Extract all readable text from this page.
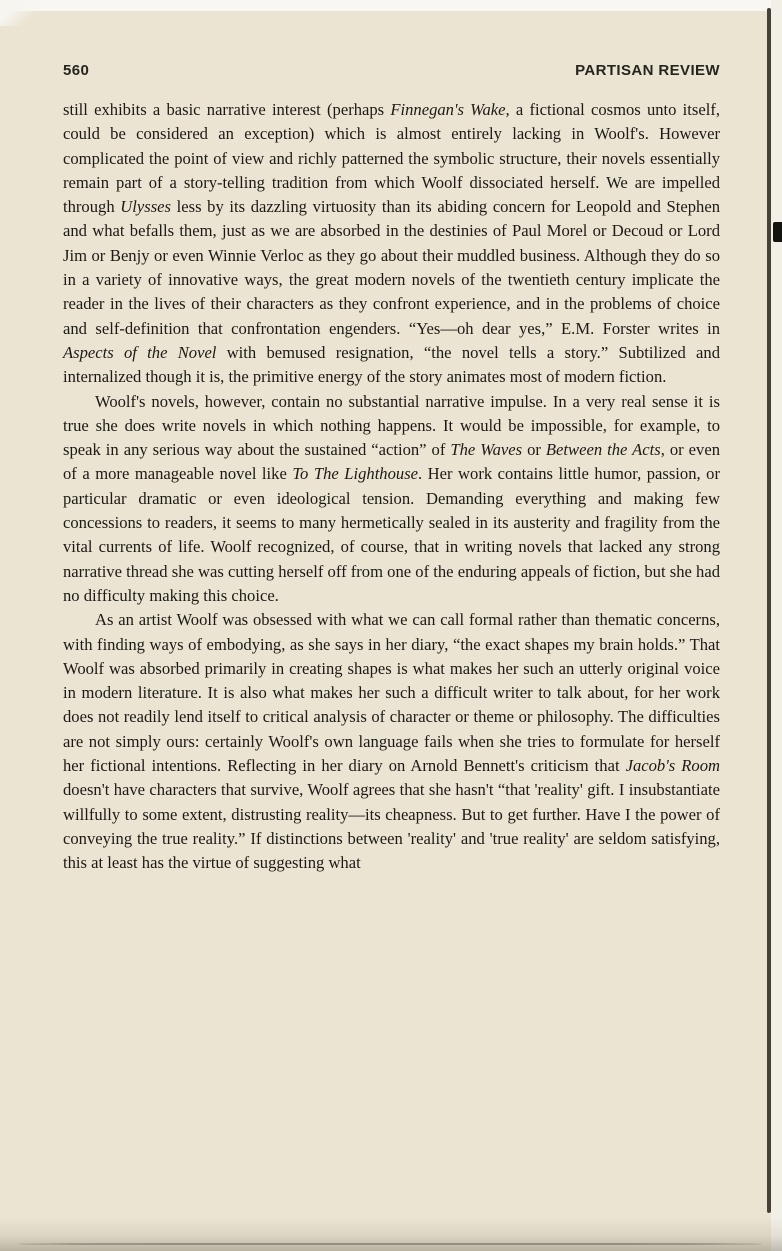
560	PARTISAN REVIEW

still exhibits a basic narrative interest (perhaps Finnegan's Wake, a fictional cosmos unto itself, could be considered an exception) which is almost entirely lacking in Woolf's. However complicated the point of view and richly patterned the symbolic structure, their novels essentially remain part of a story-telling tradition from which Woolf dissociated herself. We are impelled through Ulysses less by its dazzling virtuosity than its abiding concern for Leopold and Stephen and what befalls them, just as we are absorbed in the destinies of Paul Morel or Decoud or Lord Jim or Benjy or even Winnie Verloc as they go about their muddled business. Although they do so in a variety of innovative ways, the great modern novels of the twentieth century implicate the reader in the lives of their characters as they confront experience, and in the problems of choice and self-definition that confrontation engenders. “Yes—oh dear yes,” E.M. Forster writes in Aspects of the Novel with bemused resignation, “the novel tells a story.” Subtilized and internalized though it is, the primitive energy of the story animates most of modern fiction.

Woolf's novels, however, contain no substantial narrative impulse. In a very real sense it is true she does write novels in which nothing happens. It would be impossible, for example, to speak in any serious way about the sustained “action” of The Waves or Between the Acts, or even of a more manageable novel like To The Lighthouse. Her work contains little humor, passion, or particular dramatic or even ideological tension. Demanding everything and making few concessions to readers, it seems to many hermetically sealed in its austerity and fragility from the vital currents of life. Woolf recognized, of course, that in writing novels that lacked any strong narrative thread she was cutting herself off from one of the enduring appeals of fiction, but she had no difficulty making this choice.

As an artist Woolf was obsessed with what we can call formal rather than thematic concerns, with finding ways of embodying, as she says in her diary, “the exact shapes my brain holds.” That Woolf was absorbed primarily in creating shapes is what makes her such an utterly original voice in modern literature. It is also what makes her such a difficult writer to talk about, for her work does not readily lend itself to critical analysis of character or theme or philosophy. The difficulties are not simply ours: certainly Woolf's own language fails when she tries to formulate for herself her fictional intentions. Reflecting in her diary on Arnold Bennett's criticism that Jacob's Room doesn't have characters that survive, Woolf agrees that she hasn't “that 'reality' gift. I insubstantiate willfully to some extent, distrusting reality—its cheapness. But to get further. Have I the power of conveying the true reality.” If distinctions between 'reality' and 'true reality' are seldom satisfying, this at least has the virtue of suggesting what
